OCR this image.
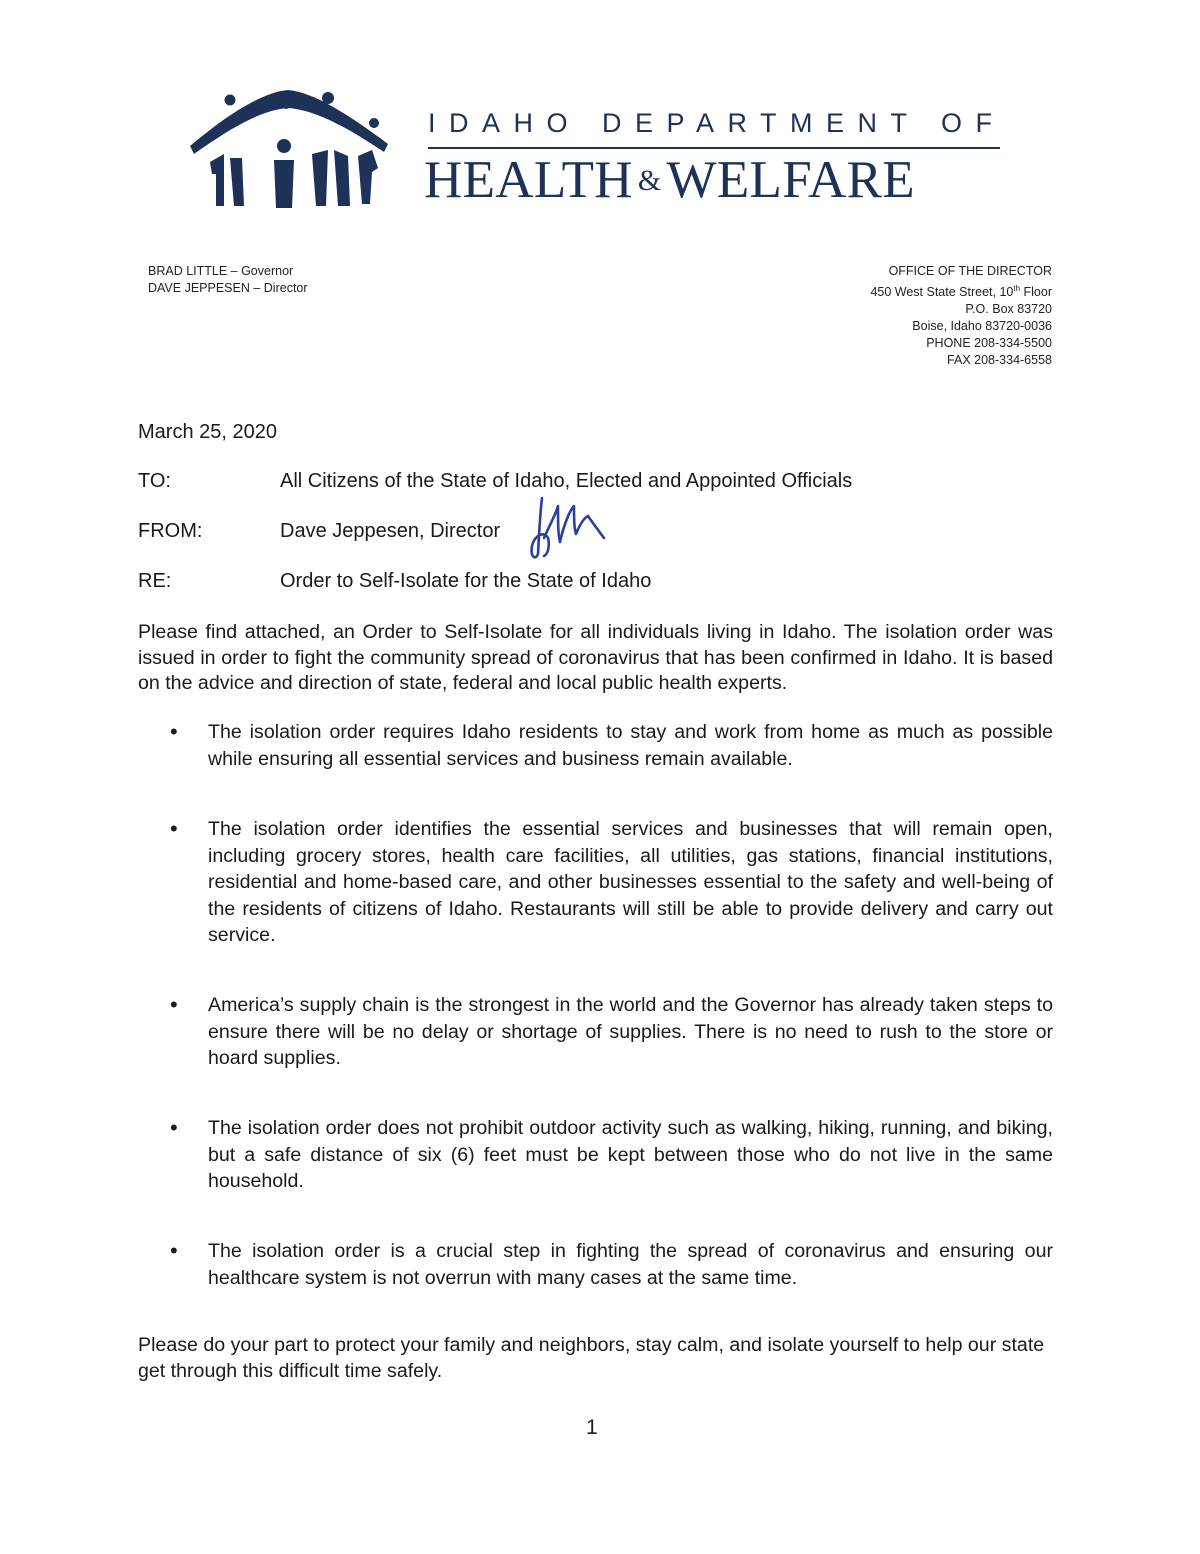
IDAHO DEPARTMENT OF
HEALTH &WELFARE
BRAD LITTLE – Governor
DAVE JEPPESEN – Director
OFFICE OF THE DIRECTOR
450 West State Street, 10th Floor
P.O. Box 83720
Boise, Idaho 83720-0036
PHONE 208-334-5500
FAX 208-334-6558
March 25, 2020
TO:	All Citizens of the State of Idaho, Elected and Appointed Officials
FROM:	Dave Jeppesen, Director
RE:	Order to Self-Isolate for the State of Idaho

Please find attached, an Order to Self-Isolate for all individuals living in Idaho. The isolation order was issued in order to fight the community spread of coronavirus that has been confirmed in Idaho. It is based on the advice and direction of state, federal and local public health experts.

• The isolation order requires Idaho residents to stay and work from home as much as possible while ensuring all essential services and business remain available.

• The isolation order identifies the essential services and businesses that will remain open, including grocery stores, health care facilities, all utilities, gas stations, financial institutions, residential and home-based care, and other businesses essential to the safety and well-being of the residents of citizens of Idaho. Restaurants will still be able to provide delivery and carry out service.

• America’s supply chain is the strongest in the world and the Governor has already taken steps to ensure there will be no delay or shortage of supplies. There is no need to rush to the store or hoard supplies.

• The isolation order does not prohibit outdoor activity such as walking, hiking, running, and biking, but a safe distance of six (6) feet must be kept between those who do not live in the same household.

• The isolation order is a crucial step in fighting the spread of coronavirus and ensuring our healthcare system is not overrun with many cases at the same time.

Please do your part to protect your family and neighbors, stay calm, and isolate yourself to help our state get through this difficult time safely.

1
